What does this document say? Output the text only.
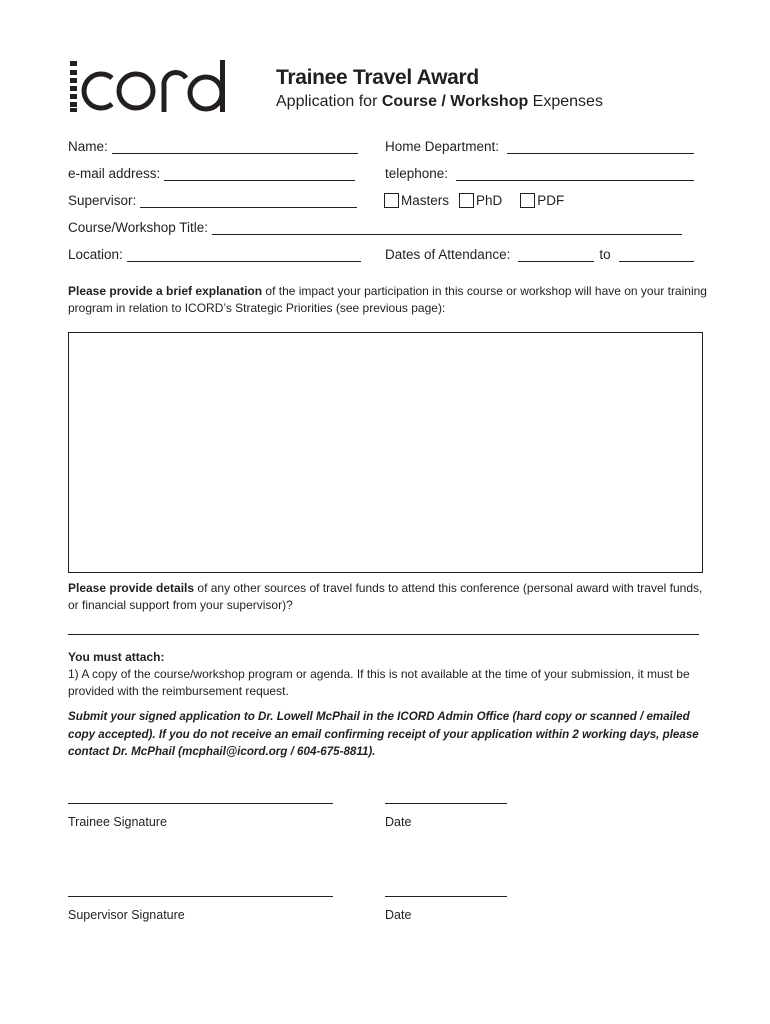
Trainee Travel Award
Application for Course / Workshop Expenses
Name:	Home Department:
e-mail address:	telephone:
Supervisor:	Masters PhD	PDF
Course/Workshop Title:
Location:	Dates of Attendance:	to
Please provide a brief explanation of the impact your participation in this course or workshop will have on your training program in relation to ICORD’s Strategic Priorities (see previous page):
Please provide details of any other sources of travel funds to attend this conference (personal award with travel funds, or financial support from your supervisor)?
You must attach:
1) A copy of the course/workshop program or agenda. If this is not available at the time of your submission, it must be provided with the reimbursement request.
Submit your signed application to Dr. Lowell McPhail in the ICORD Admin Office (hard copy or scanned / emailed copy accepted). If you do not receive an email confirming receipt of your application within 2 working days, please contact Dr. McPhail (mcphail@icord.org / 604-675-8811).
Trainee Signature	Date
Supervisor Signature	Date
